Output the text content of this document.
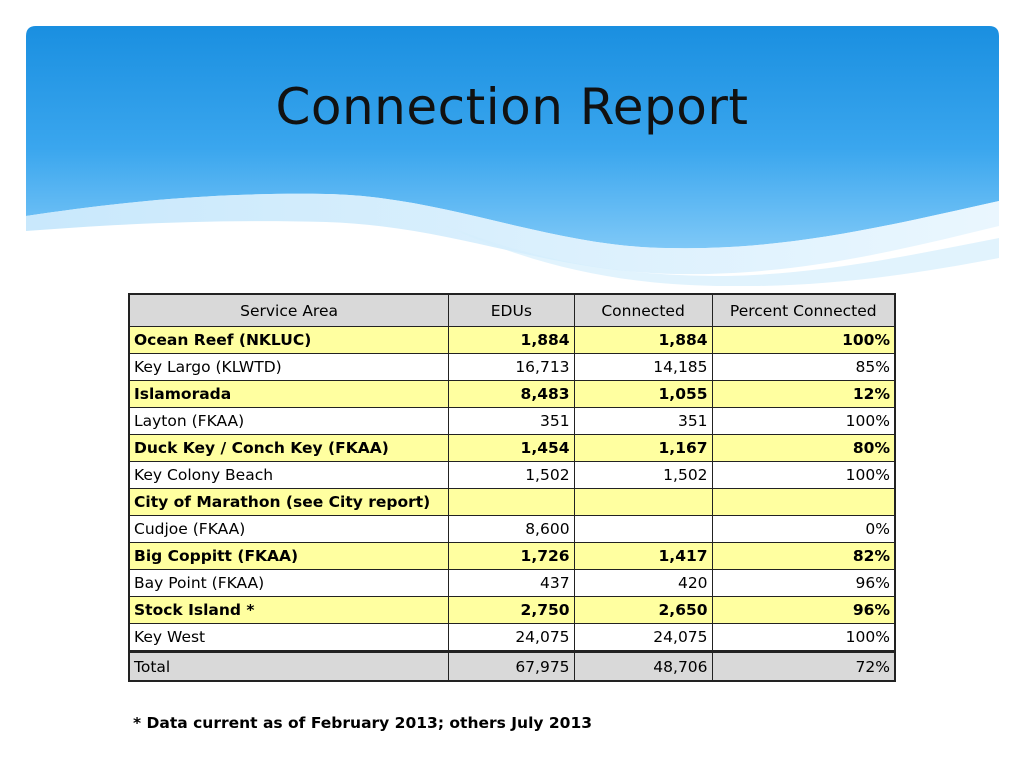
Connection Report
Service Area	EDUs	Connected	Percent Connected
Ocean Reef (NKLUC)	1,884	1,884	100%
Key Largo (KLWTD)	16,713	14,185	85%
Islamorada	8,483	1,055	12%
Layton (FKAA)	351	351	100%
Duck Key / Conch Key (FKAA)	1,454	1,167	80%
Key Colony Beach	1,502	1,502	100%
City of Marathon (see City report)			
Cudjoe (FKAA)	8,600		0%
Big Coppitt (FKAA)	1,726	1,417	82%
Bay Point (FKAA)	437	420	96%
Stock Island *	2,750	2,650	96%
Key West	24,075	24,075	100%
Total	67,975	48,706	72%
* Data current as of February 2013; others July 2013
